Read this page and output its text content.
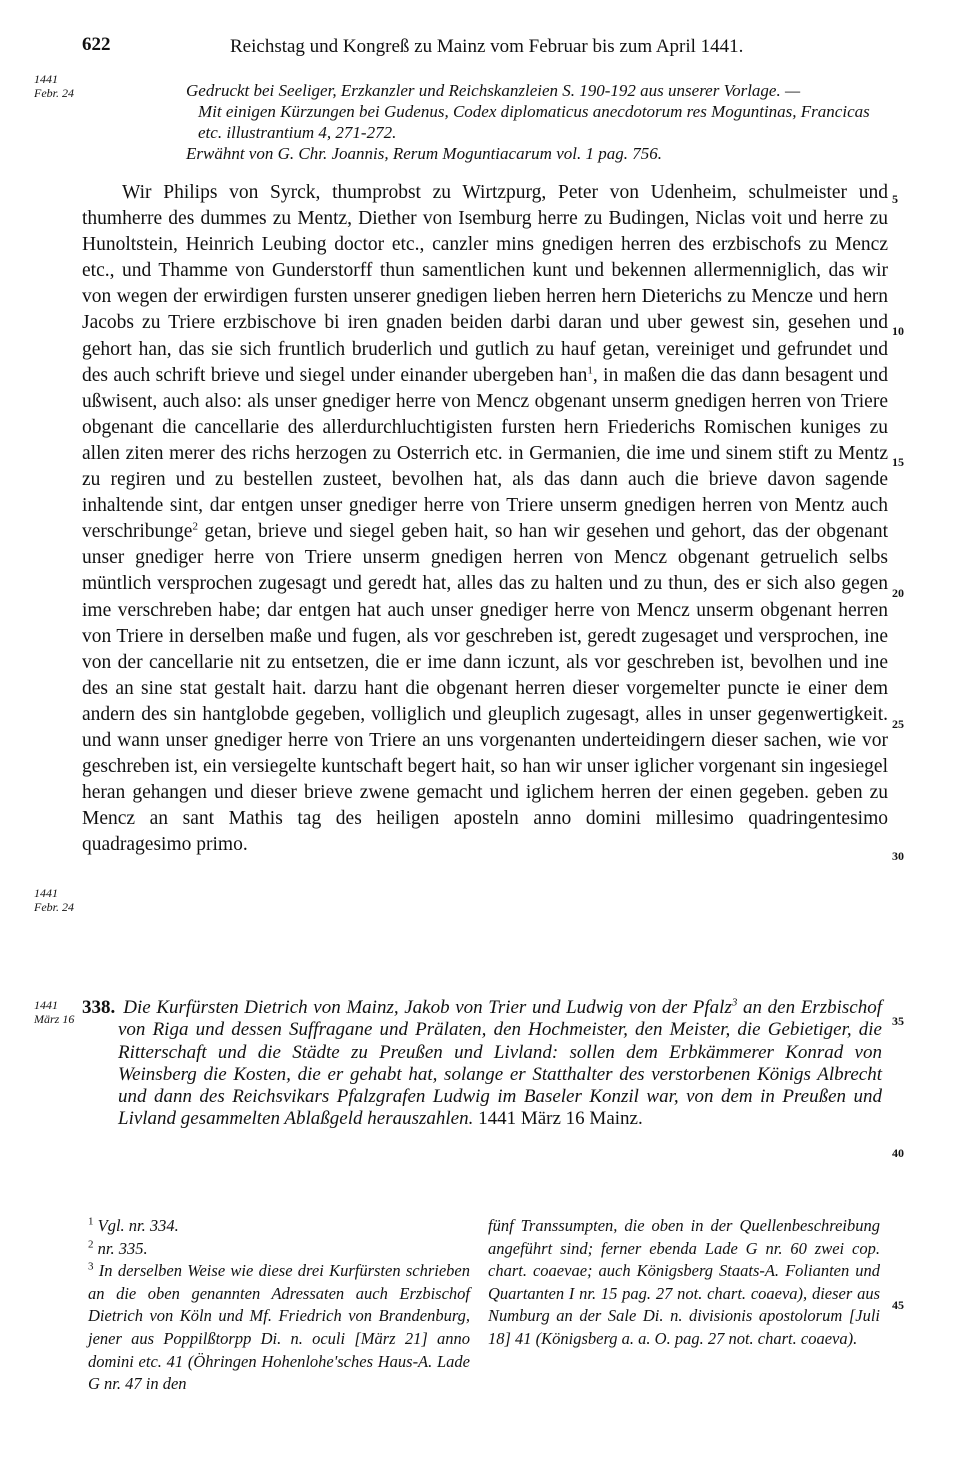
622	Reichstag und Kongreß zu Mainz vom Februar bis zum April 1441.
1441
Febr. 24	Gedruckt bei Seeliger, Erzkanzler und Reichskanzleien S. 190-192 aus unserer Vorlage. —

Mit einigen Kürzungen bei Gudenus, Codex diplomaticus anecdotorum res Moguntinas, Francicas etc. illustrantium 4, 271-272.

Erwähnt von G. Chr. Joannis, Rerum Moguntiacarum vol. 1 pag. 756.

Wir Philips von Syrck, thumprobst zu Wirtzpurg, Peter von Udenheim, schulmeister und thumherre des dummes zu Mentz, Diether von Isemburg herre zu Budingen, Niclas voit und herre zu Hunoltstein, Heinrich Leubing doctor etc., canzler mins gnedigen herren des erzbischofs zu Mencz etc., und Thamme von Gunderstorff thun samentlichen kunt und bekennen allermenniglich, das wir von wegen der erwirdigen fursten unserer gnedigen lieben herren hern Dieterichs zu Mencze und hern Jacobs zu Triere erzbischove bi iren gnaden beiden darbi daran und uber gewest sin, gesehen und gehort han, das sie sich fruntlich bruderlich und gutlich zu hauf getan, vereiniget und gefrundet und des auch schrift brieve und siegel under einander ubergeben han$^1$, in maßen die das dann besagent und ußwisent, auch also: als unser gnediger herre von Mencz obgenant unserm gnedigen herren von Triere obgenant die cancellarie des allerdurchluchtigisten fursten hern Friederichs Romischen kuniges zu allen ziten merer des richs herzogen zu Osterrich etc. in Germanien, die ime und sinem stift zu Mentz zu regiren und zu bestellen zusteet, bevolhen hat, als das dann auch die brieve davon sagende inhaltende sint, dar entgen unser gnediger herre von Triere unserm gnedigen herren von Mentz auch verschribunge$^2$ getan, brieve und siegel geben hait, so han wir gesehen und gehort, das der obgenant unser gnediger herre von Triere unserm gnedigen herren von Mencz obgenant getruelich selbs müntlich versprochen zugesagt und geredt hat, alles das zu halten und zu thun, des er sich also gegen ime verschreben habe; dar entgen hat auch unser gnediger herre von Mencz unserm obgenant herren von Triere in derselben maße und fugen, als vor geschreben ist, geredt zugesaget und versprochen, ine von der cancellarie nit zu entsetzen, die er ime dann iczunt, als vor geschreben ist, bevolhen und ine des an sine stat gestalt hait. darzu hant die obgenant herren dieser vorgemelter puncte ie einer dem andern des sin hantglobde gegeben, volliglich und gleuplich zugesagt, alles in unser gegenwertigkeit. und wann unser gnediger herre von Triere an uns vorgenanten underteidingern dieser sachen, wie vor geschreben ist, ein versiegelte kuntschaft begert hait, so han wir unser iglicher vorgenant sin ingesiegel heran gehangen und dieser brieve zwene gemacht und iglichem herren der einen gegeben. geben zu Mencz an sant Mathis tag des heiligen aposteln anno domini millesimo quadringentesimo quadragesimo primo.

5
10
15
20
25
30
35
40
45
1441
Febr. 24
1441
März 16

338. Die Kurfürsten Dietrich von Mainz, Jakob von Trier und Ludwig von der Pfalz$^3$ an den Erzbischof von Riga und dessen Suffragane und Prälaten, den Hochmeister, den Meister, die Gebietiger, die Ritterschaft und die Städte zu Preußen und Livland: sollen dem Erbkämmerer Konrad von Weinsberg die Kosten, die er gehabt hat, solange er Statthalter des verstorbenen Königs Albrecht und dann des Reichsvikars Pfalzgrafen Ludwig im Baseler Konzil war, von dem in Preußen und Livland gesammelten Ablaßgeld herauszahlen. 1441 März 16 Mainz.

$^1$ Vgl. nr. 334.

$^2$ nr. 335.

$^3$ In derselben Weise wie diese drei Kurfürsten schrieben an die oben genannten Adressaten auch Erzbischof Dietrich von Köln und Mf. Friedrich von Brandenburg, jener aus Poppilßtorpp Di. n. oculi [März 21] anno domini etc. 41 (Öhringen Hohenlohe'sches Haus-A. Lade G nr. 47 in den

fünf Transsumpten, die oben in der Quellenbeschreibung angeführt sind; ferner ebenda Lade G nr. 60 zwei cop. chart. coaevae; auch Königsberg Staats-A. Folianten und Quartanten I nr. 15 pag. 27 not. chart. coaeva), dieser aus Numburg an der Sale Di. n. divisionis apostolorum [Juli 18] 41 (Königsberg a. a. O. pag. 27 not. chart. coaeva).
